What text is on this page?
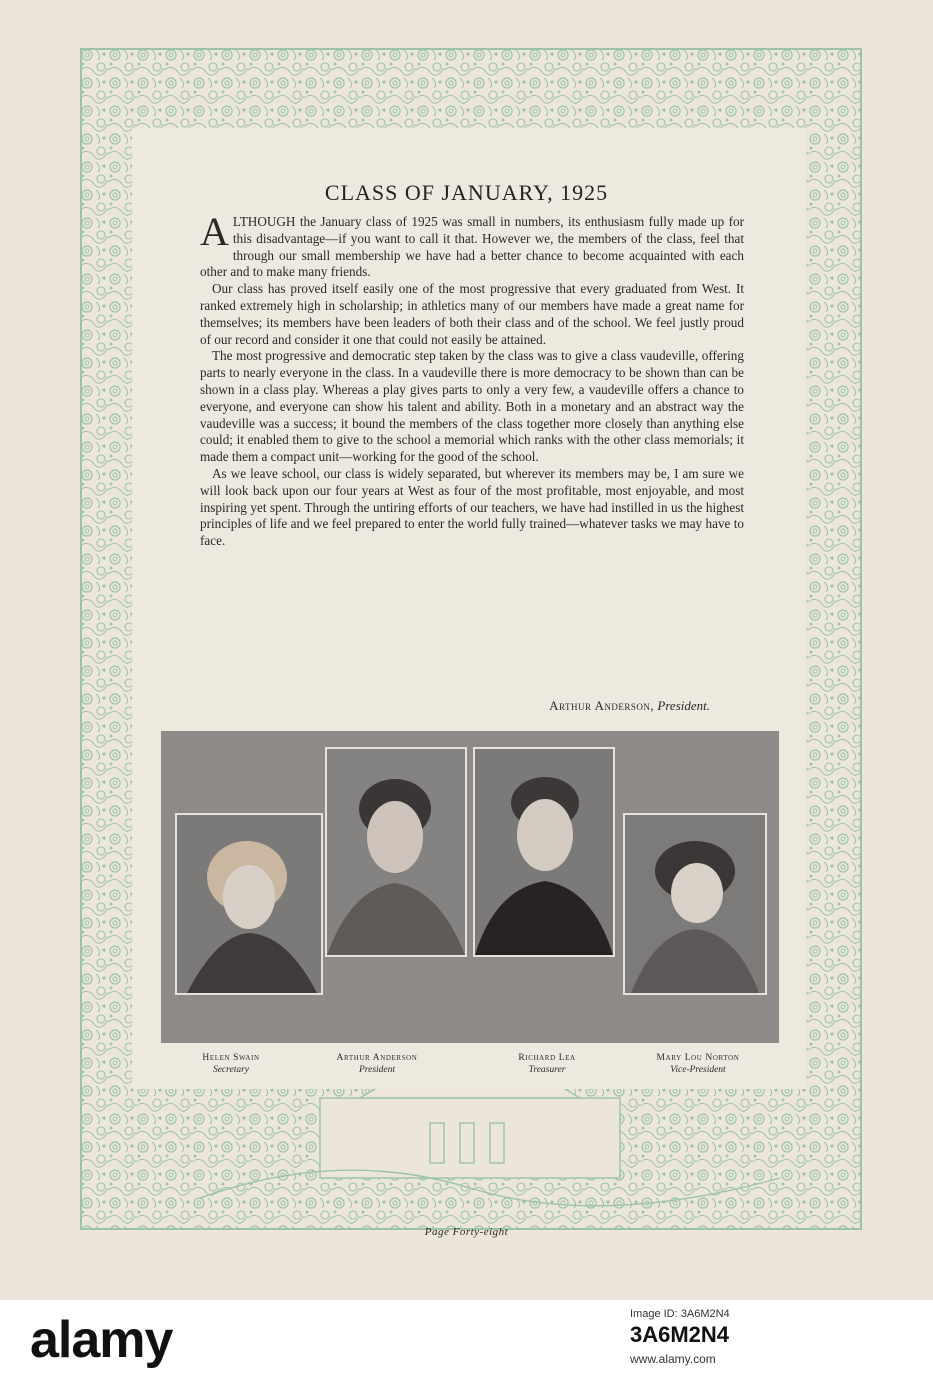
CLASS OF JANUARY, 1925

ALTHOUGH the January class of 1925 was small in numbers, its enthusiasm fully made up for this disadvantage—if you want to call it that. However we, the members of the class, feel that through our small membership we have had a better chance to become acquainted with each other and to make many friends.

Our class has proved itself easily one of the most progressive that every graduated from West. It ranked extremely high in scholarship; in athletics many of our members have made a great name for themselves; its members have been leaders of both their class and of the school. We feel justly proud of our record and consider it one that could not easily be attained.

The most progressive and democratic step taken by the class was to give a class vaudeville, offering parts to nearly everyone in the class. In a vaudeville there is more democracy to be shown than can be shown in a class play. Whereas a play gives parts to only a very few, a vaudeville offers a chance to everyone, and everyone can show his talent and ability. Both in a monetary and an abstract way the vaudeville was a success; it bound the members of the class together more closely than anything else could; it enabled them to give to the school a memorial which ranks with the other class memorials; it made them a compact unit—working for the good of the school.

As we leave school, our class is widely separated, but wherever its members may be, I am sure we will look back upon our four years at West as four of the most profitable, most enjoyable, and most inspiring yet spent. Through the untiring efforts of our teachers, we have had instilled in us the highest principles of life and we feel prepared to enter the world fully trained—whatever tasks we may have to face.

Arthur Anderson, President.
Helen Swain
Secretary
Arthur Anderson
President
Richard Lea
Treasurer
Mary Lou Norton
Vice-President
Page Forty-eight
alamy	Image ID: 3A6M2N4
3A6M2N4
www.alamy.com
